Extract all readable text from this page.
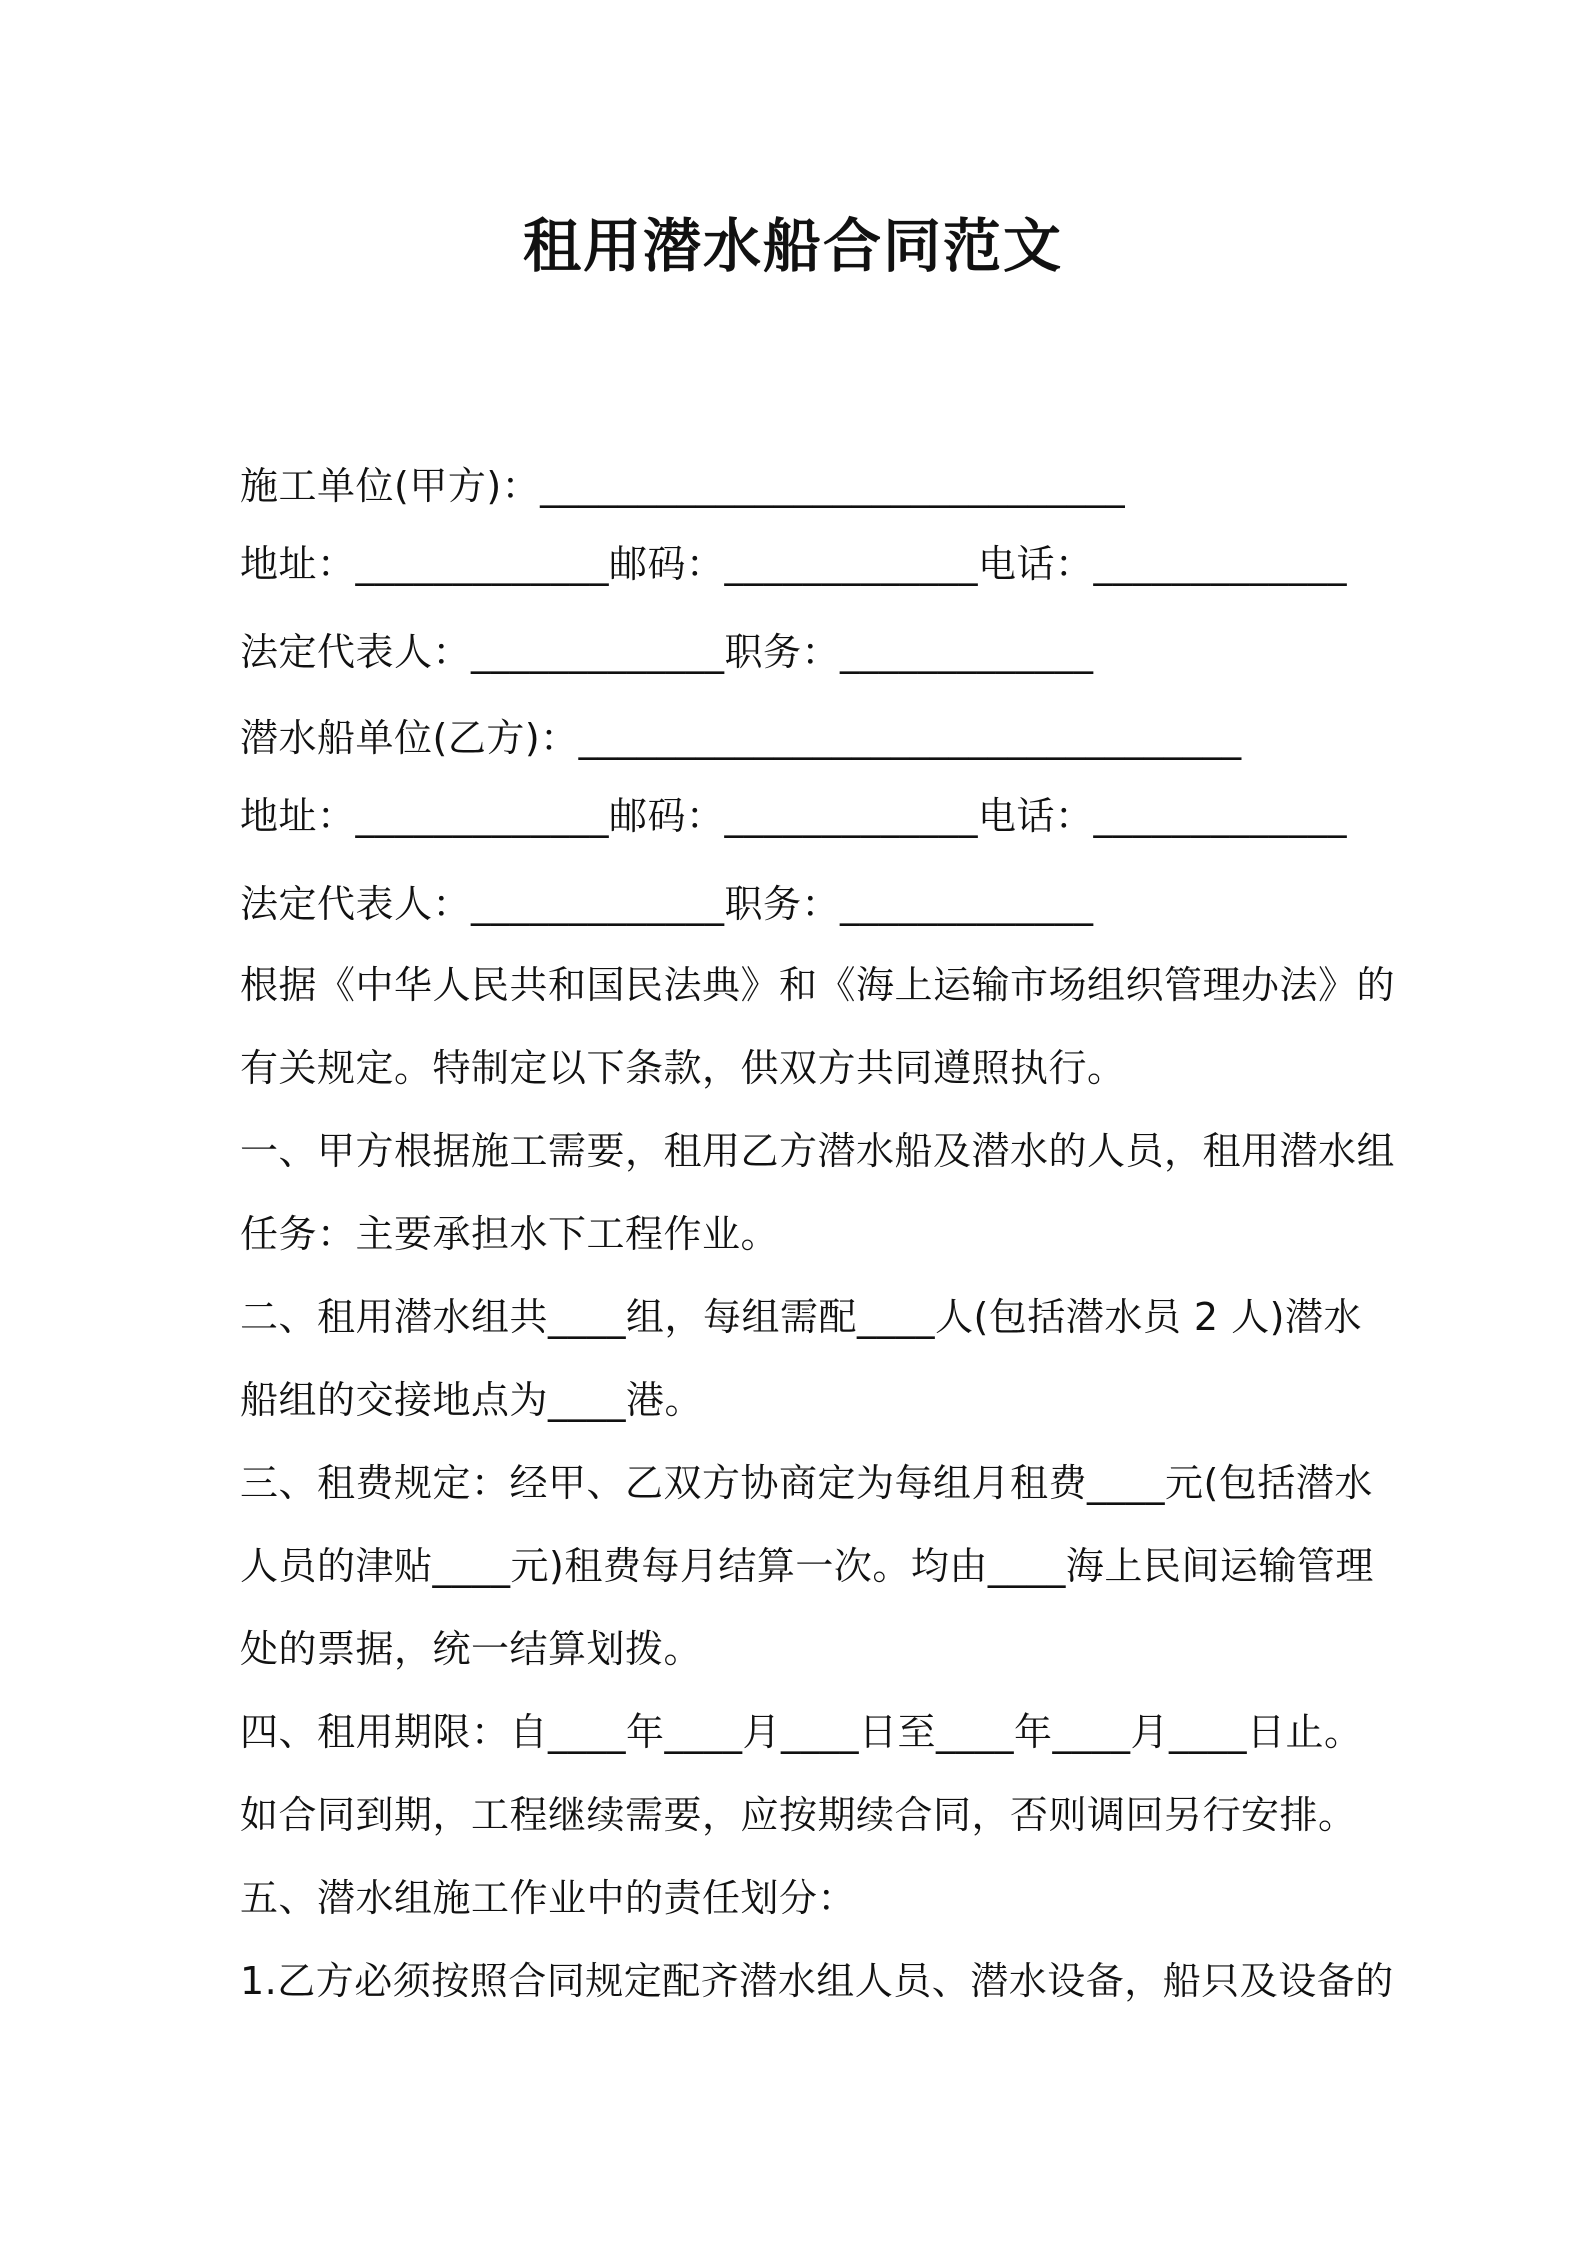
租用潜水船合同范文
施工单位(甲方)：______________________________
地址：_____________邮码：_____________电话：_____________
法定代表人：_____________职务：_____________
潜水船单位(乙方)：__________________________________
地址：_____________邮码：_____________电话：_____________
法定代表人：_____________职务：_____________
根据《中华人民共和国民法典》和《海上运输市场组织管理办法》的
有关规定。特制定以下条款，供双方共同遵照执行。
一、甲方根据施工需要，租用乙方潜水船及潜水的人员，租用潜水组
任务：主要承担水下工程作业。
二、租用潜水组共____组，每组需配____人(包括潜水员 2 人)潜水
船组的交接地点为____港。
三、租费规定：经甲、乙双方协商定为每组月租费____元(包括潜水
人员的津贴____元)租费每月结算一次。均由____海上民间运输管理
处的票据，统一结算划拨。
四、租用期限：自____年____月____日至____年____月____日止。
如合同到期，工程继续需要，应按期续合同，否则调回另行安排。
五、潜水组施工作业中的责任划分：
1.乙方必须按照合同规定配齐潜水组人员、潜水设备，船只及设备的
